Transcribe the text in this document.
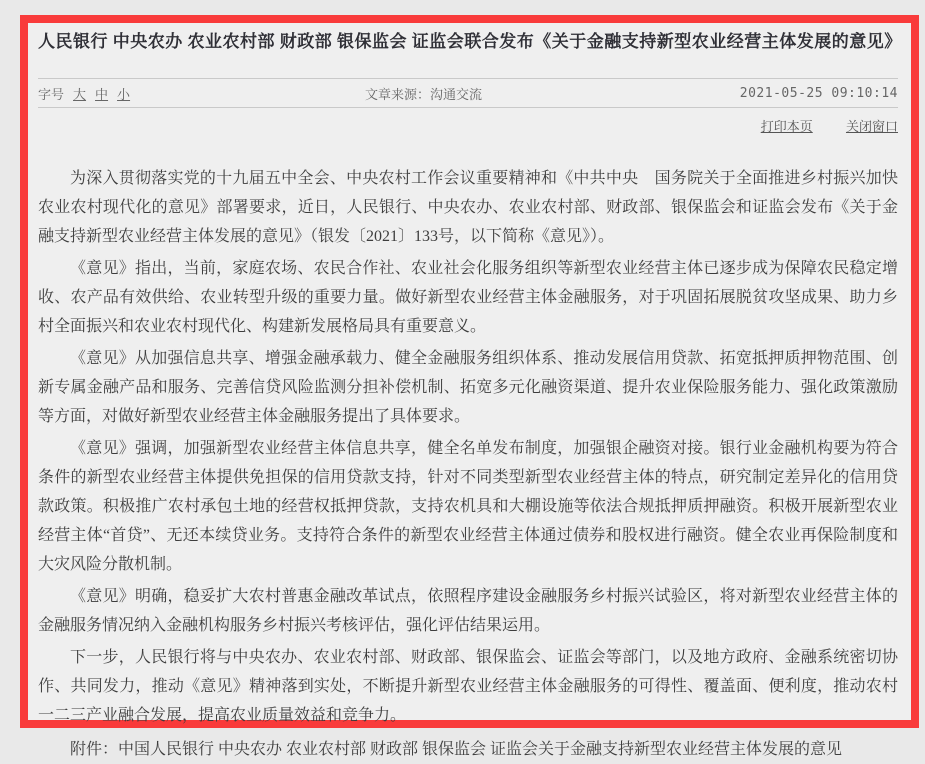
人民银行 中央农办 农业农村部 财政部 银保监会 证监会联合发布《关于金融支持新型农业经营主体发展的意见》
字号 大 中 小	文章来源： 沟通交流	2021-05-25 09:10:14
打印本页	关闭窗口

为深入贯彻落实党的十九届五中全会、中央农村工作会议重要精神和《中共中央　国务院关于全面推进乡村振兴加快农业农村现代化的意见》部署要求，近日，人民银行、中央农办、农业农村部、财政部、银保监会和证监会发布《关于金融支持新型农业经营主体发展的意见》（银发〔2021〕133号，以下简称《意见》）。

《意见》指出，当前，家庭农场、农民合作社、农业社会化服务组织等新型农业经营主体已逐步成为保障农民稳定增收、农产品有效供给、农业转型升级的重要力量。做好新型农业经营主体金融服务，对于巩固拓展脱贫攻坚成果、助力乡村全面振兴和农业农村现代化、构建新发展格局具有重要意义。

《意见》从加强信息共享、增强金融承载力、健全金融服务组织体系、推动发展信用贷款、拓宽抵押质押物范围、创新专属金融产品和服务、完善信贷风险监测分担补偿机制、拓宽多元化融资渠道、提升农业保险服务能力、强化政策激励等方面，对做好新型农业经营主体金融服务提出了具体要求。

《意见》强调，加强新型农业经营主体信息共享，健全名单发布制度，加强银企融资对接。银行业金融机构要为符合条件的新型农业经营主体提供免担保的信用贷款支持，针对不同类型新型农业经营主体的特点，研究制定差异化的信用贷款政策。积极推广农村承包土地的经营权抵押贷款，支持农机具和大棚设施等依法合规抵押质押融资。积极开展新型农业经营主体“首贷”、无还本续贷业务。支持符合条件的新型农业经营主体通过债券和股权进行融资。健全农业再保险制度和大灾风险分散机制。

《意见》明确，稳妥扩大农村普惠金融改革试点，依照程序建设金融服务乡村振兴试验区，将对新型农业经营主体的金融服务情况纳入金融机构服务乡村振兴考核评估，强化评估结果运用。

下一步，人民银行将与中央农办、农业农村部、财政部、银保监会、证监会等部门，以及地方政府、金融系统密切协作、共同发力，推动《意见》精神落到实处，不断提升新型农业经营主体金融服务的可得性、覆盖面、便利度，推动农村一二三产业融合发展，提高农业质量效益和竞争力。

附件：中国人民银行 中央农办 农业农村部 财政部 银保监会 证监会关于金融支持新型农业经营主体发展的意见
